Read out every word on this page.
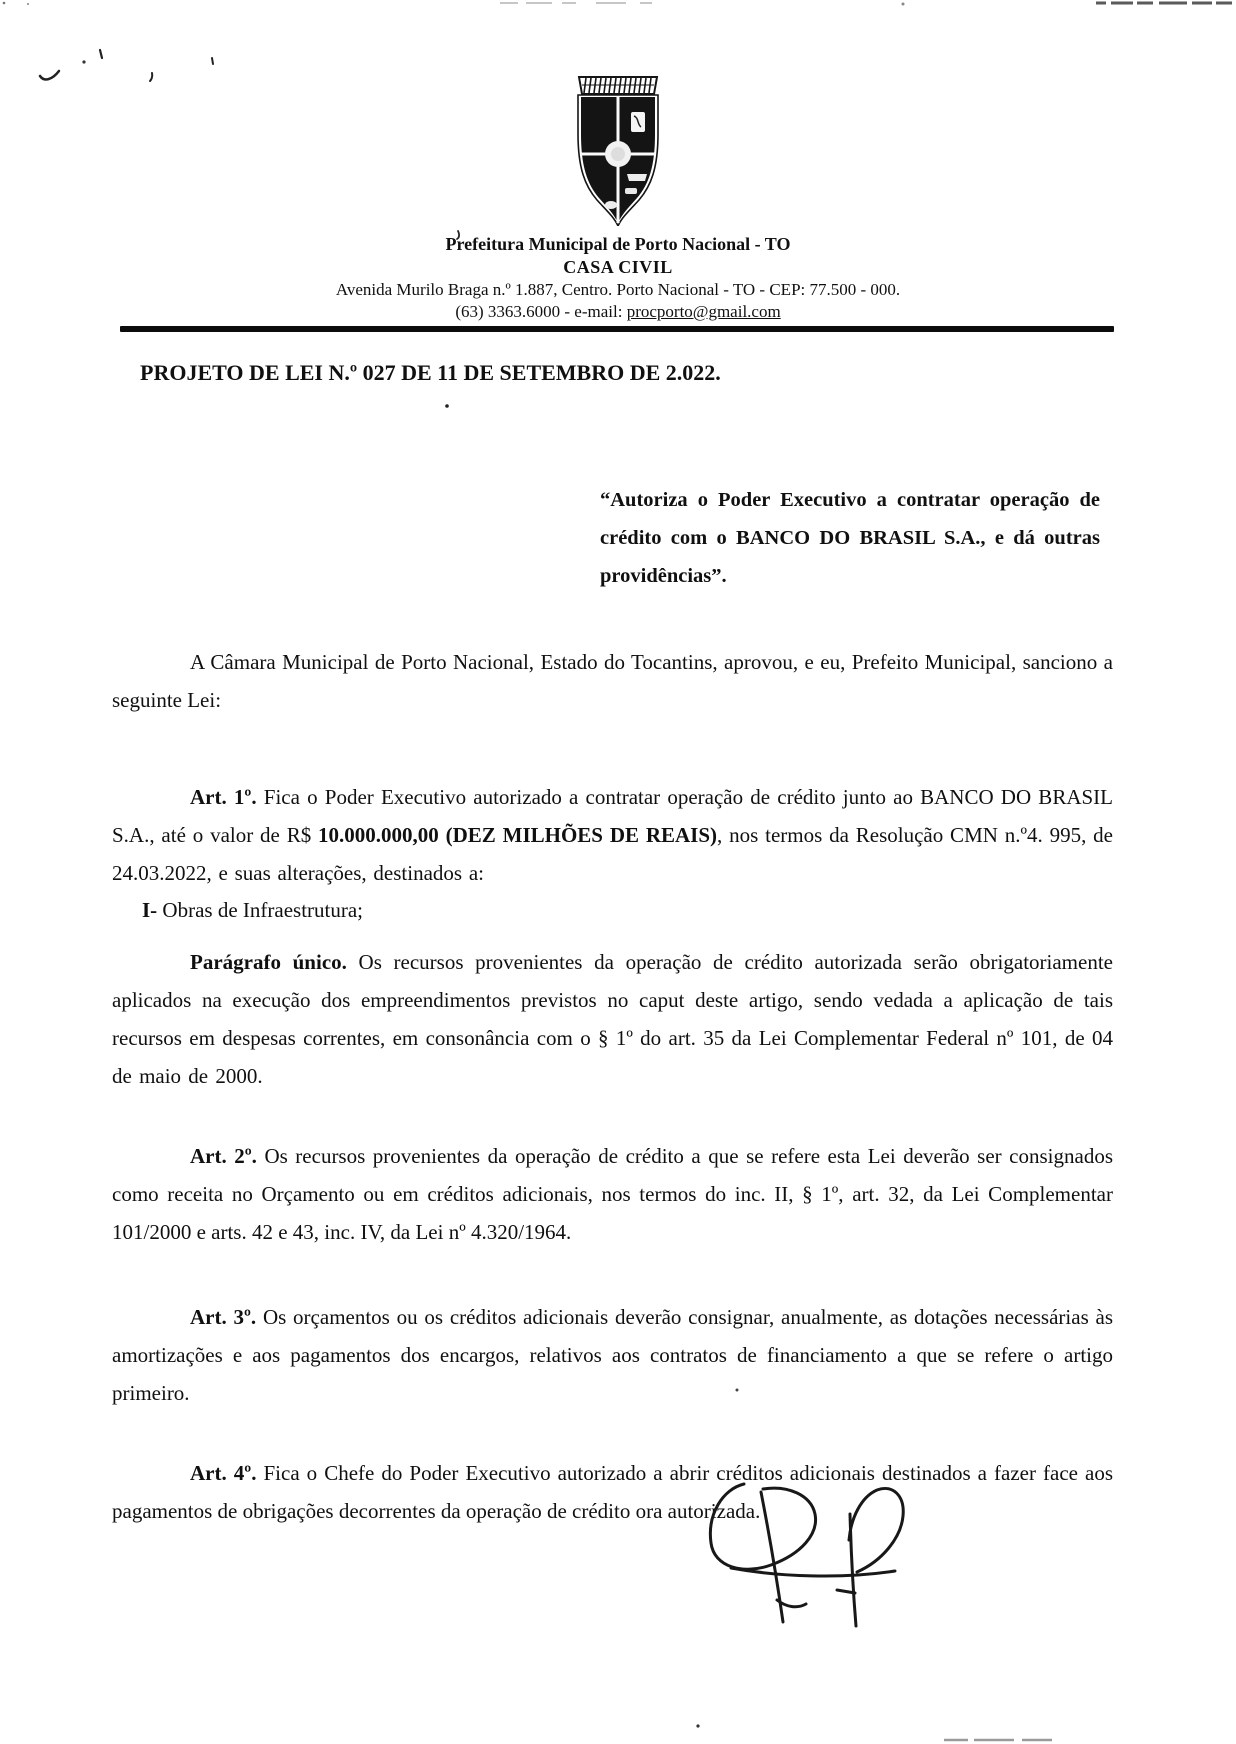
Prefeitura Municipal de Porto Nacional - TO
CASA CIVIL
Avenida Murilo Braga n.º 1.887, Centro. Porto Nacional - TO - CEP: 77.500 - 000.
(63) 3363.6000 - e-mail: procporto@gmail.com
PROJETO DE LEI N.º 027 DE 11 DE SETEMBRO DE 2.022.
“Autoriza o Poder Executivo a contratar operação de crédito com o BANCO DO BRASIL S.A., e dá outras providências”.
A Câmara Municipal de Porto Nacional, Estado do Tocantins, aprovou, e eu, Prefeito Municipal, sanciono a seguinte Lei:
Art. 1º. Fica o Poder Executivo autorizado a contratar operação de crédito junto ao BANCO DO BRASIL S.A., até o valor de R$ 10.000.000,00 (DEZ MILHÕES DE REAIS), nos termos da Resolução CMN n.º4. 995, de 24.03.2022, e suas alterações, destinados a:
I- Obras de Infraestrutura;
Parágrafo único. Os recursos provenientes da operação de crédito autorizada serão obrigatoriamente aplicados na execução dos empreendimentos previstos no caput deste artigo, sendo vedada a aplicação de tais recursos em despesas correntes, em consonância com o § 1º do art. 35 da Lei Complementar Federal nº 101, de 04 de maio de 2000.
Art. 2º. Os recursos provenientes da operação de crédito a que se refere esta Lei deverão ser consignados como receita no Orçamento ou em créditos adicionais, nos termos do inc. II, § 1º, art. 32, da Lei Complementar 101/2000 e arts. 42 e 43, inc. IV, da Lei nº 4.320/1964.
Art. 3º. Os orçamentos ou os créditos adicionais deverão consignar, anualmente, as dotações necessárias às amortizações e aos pagamentos dos encargos, relativos aos contratos de financiamento a que se refere o artigo primeiro.
Art. 4º. Fica o Chefe do Poder Executivo autorizado a abrir créditos adicionais destinados a fazer face aos pagamentos de obrigações decorrentes da operação de crédito ora autorizada.
